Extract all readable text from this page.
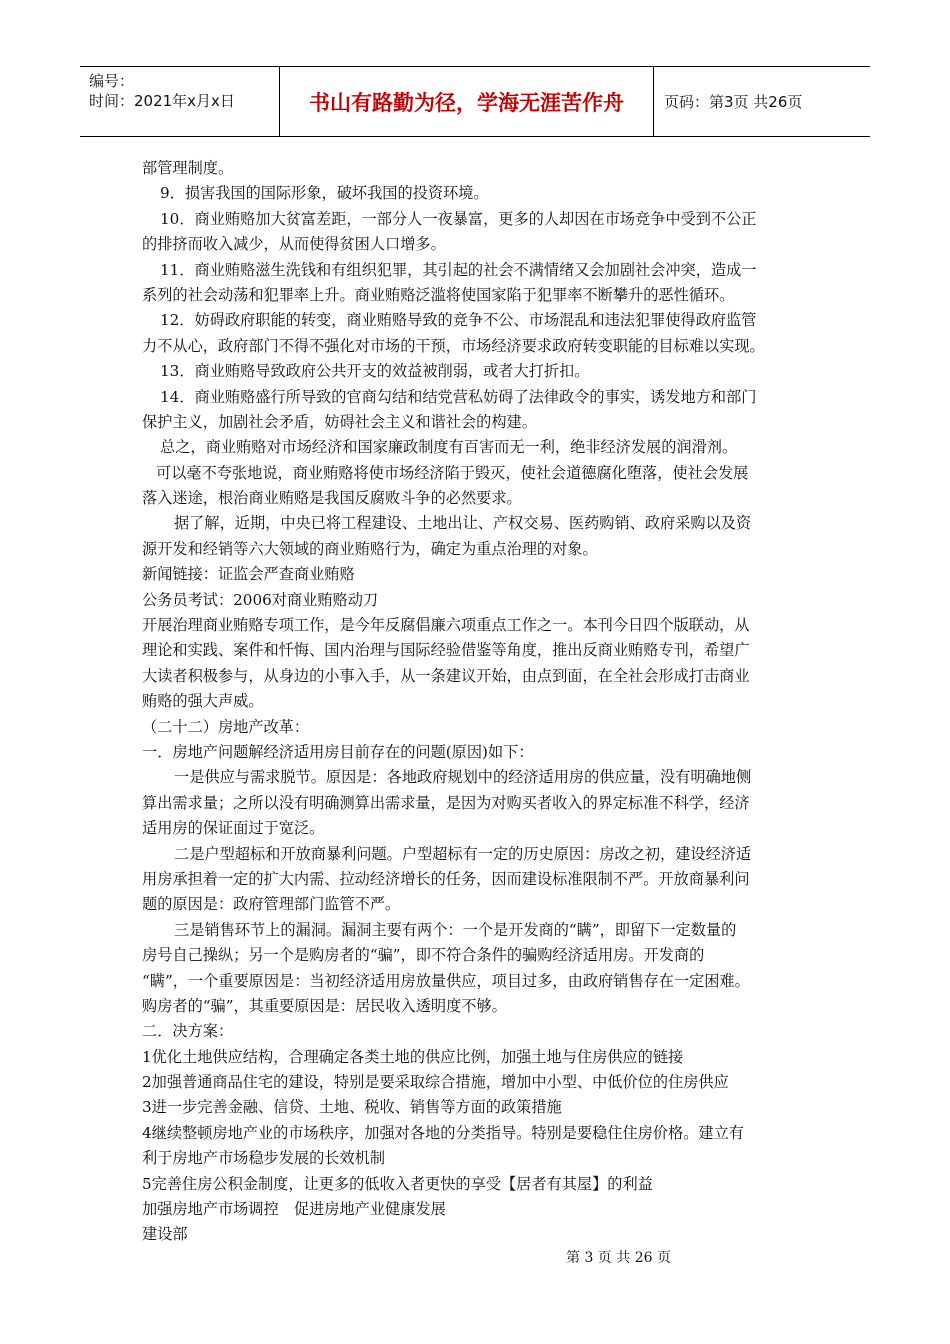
编号：
时间：2021年x月x日	书山有路勤为径，学海无涯苦作舟	页码：第3页 共26页
部管理制度。
9．损害我国的国际形象，破坏我国的投资环境。
10．商业贿赂加大贫富差距，一部分人一夜暴富，更多的人却因在市场竞争中受到不公正
的排挤而收入减少，从而使得贫困人口增多。
11．商业贿赂滋生洗钱和有组织犯罪，其引起的社会不满情绪又会加剧社会冲突，造成一
系列的社会动荡和犯罪率上升。商业贿赂泛滥将使国家陷于犯罪率不断攀升的恶性循环。
12．妨碍政府职能的转变，商业贿赂导致的竞争不公、市场混乱和违法犯罪使得政府监管
力不从心，政府部门不得不强化对市场的干预，市场经济要求政府转变职能的目标难以实现。
13．商业贿赂导致政府公共开支的效益被削弱，或者大打折扣。
14．商业贿赂盛行所导致的官商勾结和结党营私妨碍了法律政令的事实，诱发地方和部门
保护主义，加剧社会矛盾，妨碍社会主义和谐社会的构建。
总之，商业贿赂对市场经济和国家廉政制度有百害而无一利，绝非经济发展的润滑剂。
可以毫不夸张地说，商业贿赂将使市场经济陷于毁灭，使社会道德腐化堕落，使社会发展
落入迷途，根治商业贿赂是我国反腐败斗争的必然要求。
据了解，近期，中央已将工程建设、土地出让、产权交易、医药购销、政府采购以及资
源开发和经销等六大领域的商业贿赂行为，确定为重点治理的对象。
新闻链接：证监会严查商业贿赂
公务员考试：2006对商业贿赂动刀
开展治理商业贿赂专项工作，是今年反腐倡廉六项重点工作之一。本刊今日四个版联动，从
理论和实践、案件和忏悔、国内治理与国际经验借鉴等角度，推出反商业贿赂专刊，希望广
大读者积极参与，从身边的小事入手，从一条建议开始，由点到面，在全社会形成打击商业
贿赂的强大声威。
（二十二）房地产改革：
一．房地产问题解经济适用房目前存在的问题(原因)如下：
一是供应与需求脱节。原因是：各地政府规划中的经济适用房的供应量，没有明确地侧
算出需求量；之所以没有明确测算出需求量，是因为对购买者收入的界定标准不科学，经济
适用房的保证面过于宽泛。
二是户型超标和开放商暴利问题。户型超标有一定的历史原因：房改之初，建设经济适
用房承担着一定的扩大内需、拉动经济增长的任务，因而建设标准限制不严。开放商暴利问
题的原因是：政府管理部门监管不严。
三是销售环节上的漏洞。漏洞主要有两个：一个是开发商的“瞒”，即留下一定数量的
房号自己操纵；另一个是购房者的“骗”，即不符合条件的骗购经济适用房。开发商的
“瞒”，一个重要原因是：当初经济适用房放量供应，项目过多，由政府销售存在一定困难。
购房者的“骗”，其重要原因是：居民收入透明度不够。
二．决方案：
1优化土地供应结构，合理确定各类土地的供应比例，加强土地与住房供应的链接
2加强普通商品住宅的建设，特别是要采取综合措施，增加中小型、中低价位的住房供应
3进一步完善金融、信贷、土地、税收、销售等方面的政策措施
4继续整顿房地产业的市场秩序，加强对各地的分类指导。特别是要稳住住房价格。建立有
利于房地产市场稳步发展的长效机制
5完善住房公积金制度，让更多的低收入者更快的享受【居者有其屋】的利益
加强房地产市场调控　促进房地产业健康发展
建设部
第 3 页 共 26 页
